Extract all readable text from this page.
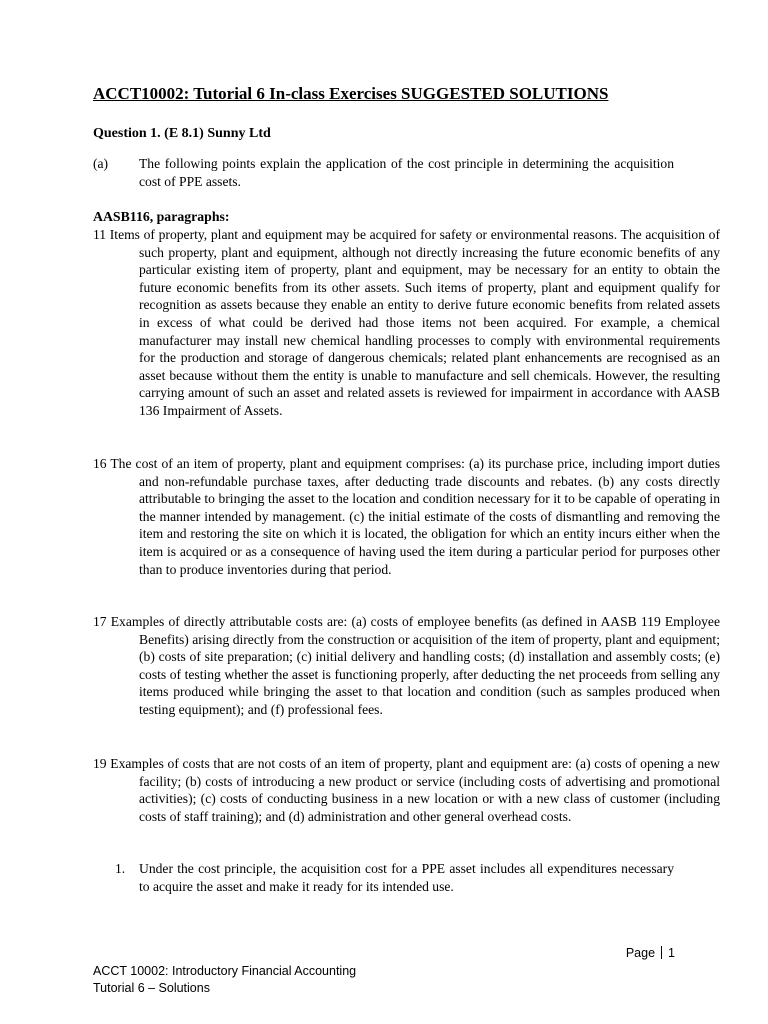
ACCT10002: Tutorial 6 In-class Exercises SUGGESTED SOLUTIONS
Question 1. (E 8.1) Sunny Ltd
(a) The following points explain the application of the cost principle in determining the acquisition cost of PPE assets.
AASB116, paragraphs:
11 Items of property, plant and equipment may be acquired for safety or environmental reasons. The acquisition of such property, plant and equipment, although not directly increasing the future economic benefits of any particular existing item of property, plant and equipment, may be necessary for an entity to obtain the future economic benefits from its other assets. Such items of property, plant and equipment qualify for recognition as assets because they enable an entity to derive future economic benefits from related assets in excess of what could be derived had those items not been acquired. For example, a chemical manufacturer may install new chemical handling processes to comply with environmental requirements for the production and storage of dangerous chemicals; related plant enhancements are recognised as an asset because without them the entity is unable to manufacture and sell chemicals. However, the resulting carrying amount of such an asset and related assets is reviewed for impairment in accordance with AASB 136 Impairment of Assets.
16 The cost of an item of property, plant and equipment comprises: (a) its purchase price, including import duties and non-refundable purchase taxes, after deducting trade discounts and rebates. (b) any costs directly attributable to bringing the asset to the location and condition necessary for it to be capable of operating in the manner intended by management. (c) the initial estimate of the costs of dismantling and removing the item and restoring the site on which it is located, the obligation for which an entity incurs either when the item is acquired or as a consequence of having used the item during a particular period for purposes other than to produce inventories during that period.
17 Examples of directly attributable costs are: (a) costs of employee benefits (as defined in AASB 119 Employee Benefits) arising directly from the construction or acquisition of the item of property, plant and equipment; (b) costs of site preparation; (c) initial delivery and handling costs; (d) installation and assembly costs; (e) costs of testing whether the asset is functioning properly, after deducting the net proceeds from selling any items produced while bringing the asset to that location and condition (such as samples produced when testing equipment); and (f) professional fees.
19 Examples of costs that are not costs of an item of property, plant and equipment are: (a) costs of opening a new facility; (b) costs of introducing a new product or service (including costs of advertising and promotional activities); (c) costs of conducting business in a new location or with a new class of customer (including costs of staff training); and (d) administration and other general overhead costs.
1. Under the cost principle, the acquisition cost for a PPE asset includes all expenditures necessary to acquire the asset and make it ready for its intended use.
Page 1
ACCT 10002: Introductory Financial Accounting
Tutorial 6 – Solutions
